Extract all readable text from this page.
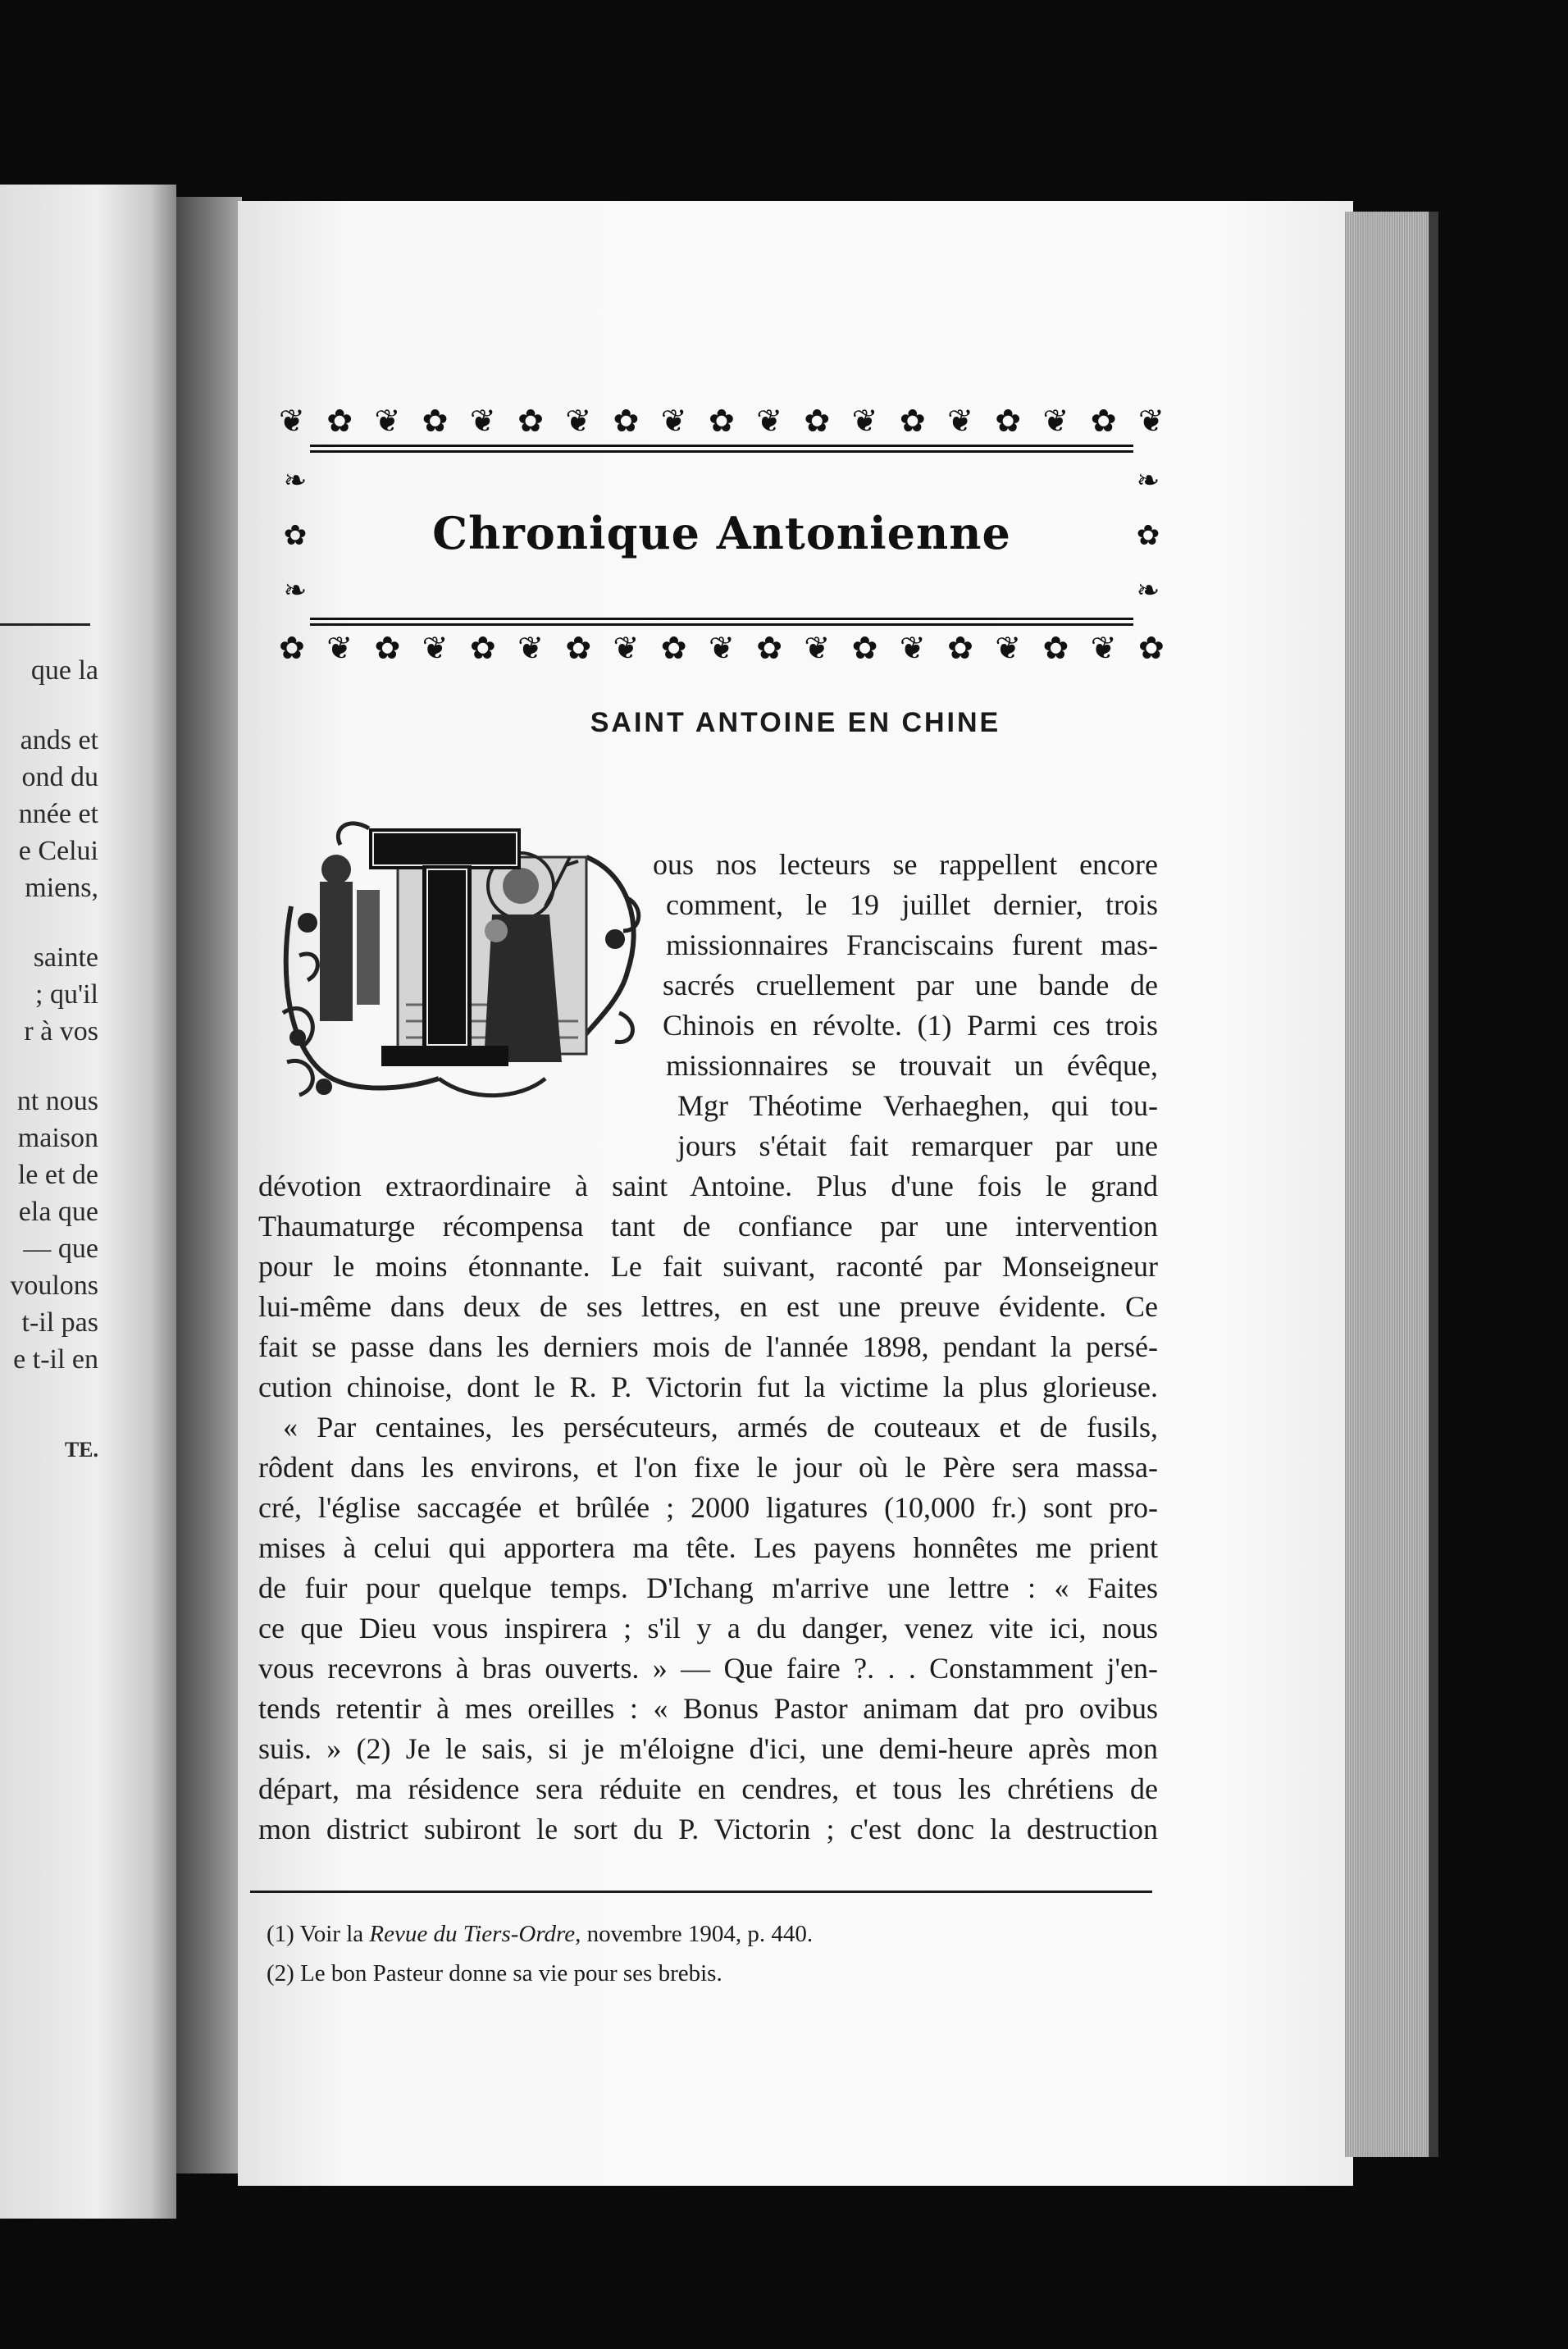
que la
ands et
ond du
nnée et
e Celui
miens,
sainte
; qu'il
r à vos
nt nous
maison
le et de
ela que
— que
voulons
t-il pas
e t-il en
TE.
❦ ✿ ❦ ✿ ❦ ✿ ❦ ✿ ❦ ✿ ❦ ✿ ❦ ✿ ❦ ✿ ❦ ✿ ❦
❧
✿
❧
❧
✿
❧
Chronique Antonienne
✿ ❦ ✿ ❦ ✿ ❦ ✿ ❦ ✿ ❦ ✿ ❦ ✿ ❦ ✿ ❦ ✿ ❦ ✿
SAINT ANTOINE EN CHINE
ous nos lecteurs se rappellent encore
comment, le 19 juillet dernier, trois
missionnaires Franciscains furent mas-
sacrés cruellement par une bande de
Chinois en révolte. (1) Parmi ces trois
missionnaires se trouvait un évêque,
Mgr Théotime Verhaeghen, qui tou-
jours s'était fait remarquer par une
dévotion extraordinaire à saint Antoine. Plus d'une fois le grand
Thaumaturge récompensa tant de confiance par une intervention
pour le moins étonnante. Le fait suivant, raconté par Monseigneur
lui-même dans deux de ses lettres, en est une preuve évidente. Ce
fait se passe dans les derniers mois de l'année 1898, pendant la persé-
cution chinoise, dont le R. P. Victorin fut la victime la plus glorieuse.
« Par centaines, les persécuteurs, armés de couteaux et de fusils,
rôdent dans les environs, et l'on fixe le jour où le Père sera massa-
cré, l'église saccagée et brûlée ; 2000 ligatures (10,000 fr.) sont pro-
mises à celui qui apportera ma tête. Les payens honnêtes me prient
de fuir pour quelque temps. D'Ichang m'arrive une lettre : « Faites
ce que Dieu vous inspirera ; s'il y a du danger, venez vite ici, nous
vous recevrons à bras ouverts. » — Que faire ?. . . Constamment j'en-
tends retentir à mes oreilles : « Bonus Pastor animam dat pro ovibus
suis. » (2) Je le sais, si je m'éloigne d'ici, une demi-heure après mon
départ, ma résidence sera réduite en cendres, et tous les chrétiens de
mon district subiront le sort du P. Victorin ; c'est donc la destruction
(1) Voir la Revue du Tiers-Ordre, novembre 1904, p. 440.
(2) Le bon Pasteur donne sa vie pour ses brebis.
